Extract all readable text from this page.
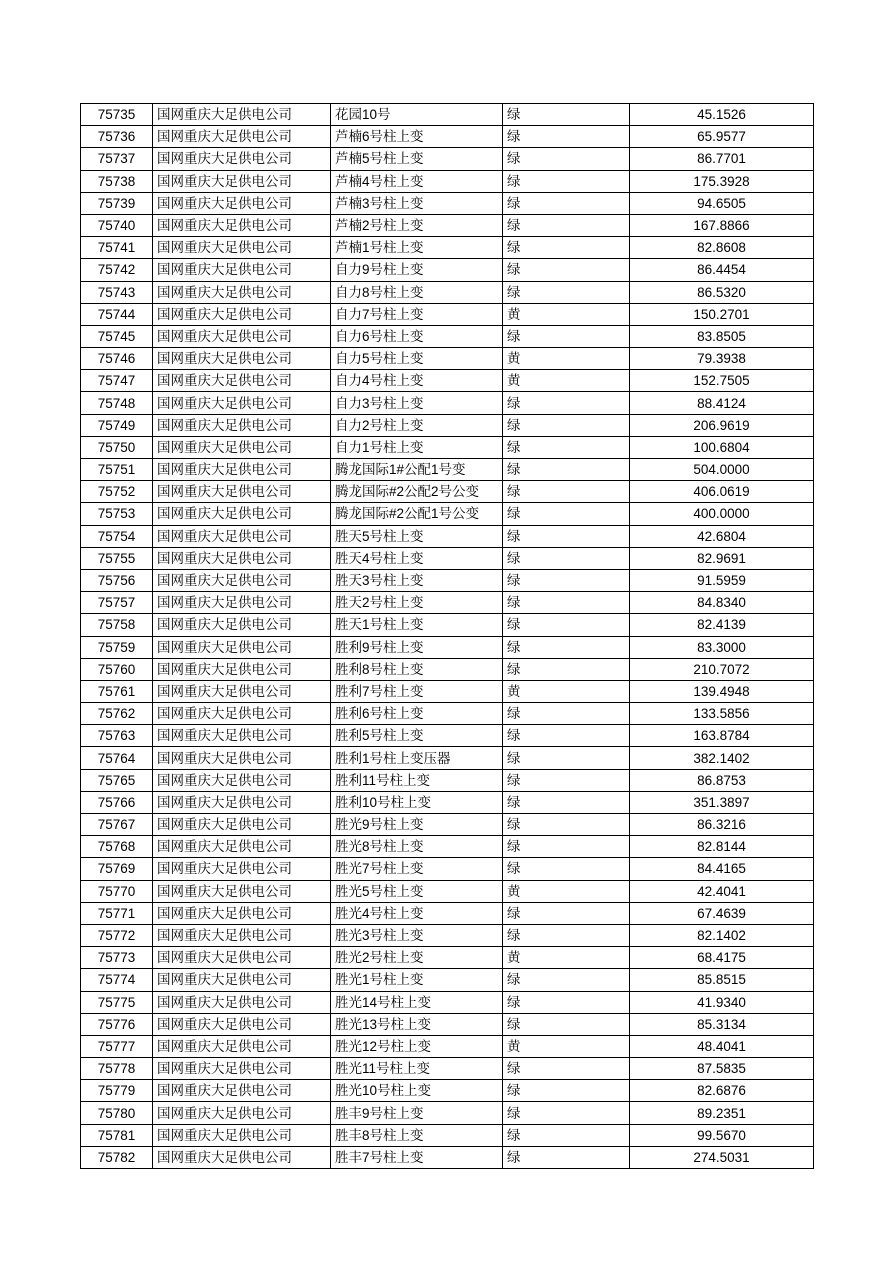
75735	国网重庆大足供电公司	花园10号	绿	45.1526
75736	国网重庆大足供电公司	芦楠6号柱上变	绿	65.9577
75737	国网重庆大足供电公司	芦楠5号柱上变	绿	86.7701
75738	国网重庆大足供电公司	芦楠4号柱上变	绿	175.3928
75739	国网重庆大足供电公司	芦楠3号柱上变	绿	94.6505
75740	国网重庆大足供电公司	芦楠2号柱上变	绿	167.8866
75741	国网重庆大足供电公司	芦楠1号柱上变	绿	82.8608
75742	国网重庆大足供电公司	自力9号柱上变	绿	86.4454
75743	国网重庆大足供电公司	自力8号柱上变	绿	86.5320
75744	国网重庆大足供电公司	自力7号柱上变	黄	150.2701
75745	国网重庆大足供电公司	自力6号柱上变	绿	83.8505
75746	国网重庆大足供电公司	自力5号柱上变	黄	79.3938
75747	国网重庆大足供电公司	自力4号柱上变	黄	152.7505
75748	国网重庆大足供电公司	自力3号柱上变	绿	88.4124
75749	国网重庆大足供电公司	自力2号柱上变	绿	206.9619
75750	国网重庆大足供电公司	自力1号柱上变	绿	100.6804
75751	国网重庆大足供电公司	腾龙国际1#公配1号变	绿	504.0000
75752	国网重庆大足供电公司	腾龙国际#2公配2号公变	绿	406.0619
75753	国网重庆大足供电公司	腾龙国际#2公配1号公变	绿	400.0000
75754	国网重庆大足供电公司	胜天5号柱上变	绿	42.6804
75755	国网重庆大足供电公司	胜天4号柱上变	绿	82.9691
75756	国网重庆大足供电公司	胜天3号柱上变	绿	91.5959
75757	国网重庆大足供电公司	胜天2号柱上变	绿	84.8340
75758	国网重庆大足供电公司	胜天1号柱上变	绿	82.4139
75759	国网重庆大足供电公司	胜利9号柱上变	绿	83.3000
75760	国网重庆大足供电公司	胜利8号柱上变	绿	210.7072
75761	国网重庆大足供电公司	胜利7号柱上变	黄	139.4948
75762	国网重庆大足供电公司	胜利6号柱上变	绿	133.5856
75763	国网重庆大足供电公司	胜利5号柱上变	绿	163.8784
75764	国网重庆大足供电公司	胜利1号柱上变压器	绿	382.1402
75765	国网重庆大足供电公司	胜利11号柱上变	绿	86.8753
75766	国网重庆大足供电公司	胜利10号柱上变	绿	351.3897
75767	国网重庆大足供电公司	胜光9号柱上变	绿	86.3216
75768	国网重庆大足供电公司	胜光8号柱上变	绿	82.8144
75769	国网重庆大足供电公司	胜光7号柱上变	绿	84.4165
75770	国网重庆大足供电公司	胜光5号柱上变	黄	42.4041
75771	国网重庆大足供电公司	胜光4号柱上变	绿	67.4639
75772	国网重庆大足供电公司	胜光3号柱上变	绿	82.1402
75773	国网重庆大足供电公司	胜光2号柱上变	黄	68.4175
75774	国网重庆大足供电公司	胜光1号柱上变	绿	85.8515
75775	国网重庆大足供电公司	胜光14号柱上变	绿	41.9340
75776	国网重庆大足供电公司	胜光13号柱上变	绿	85.3134
75777	国网重庆大足供电公司	胜光12号柱上变	黄	48.4041
75778	国网重庆大足供电公司	胜光11号柱上变	绿	87.5835
75779	国网重庆大足供电公司	胜光10号柱上变	绿	82.6876
75780	国网重庆大足供电公司	胜丰9号柱上变	绿	89.2351
75781	国网重庆大足供电公司	胜丰8号柱上变	绿	99.5670
75782	国网重庆大足供电公司	胜丰7号柱上变	绿	274.5031
